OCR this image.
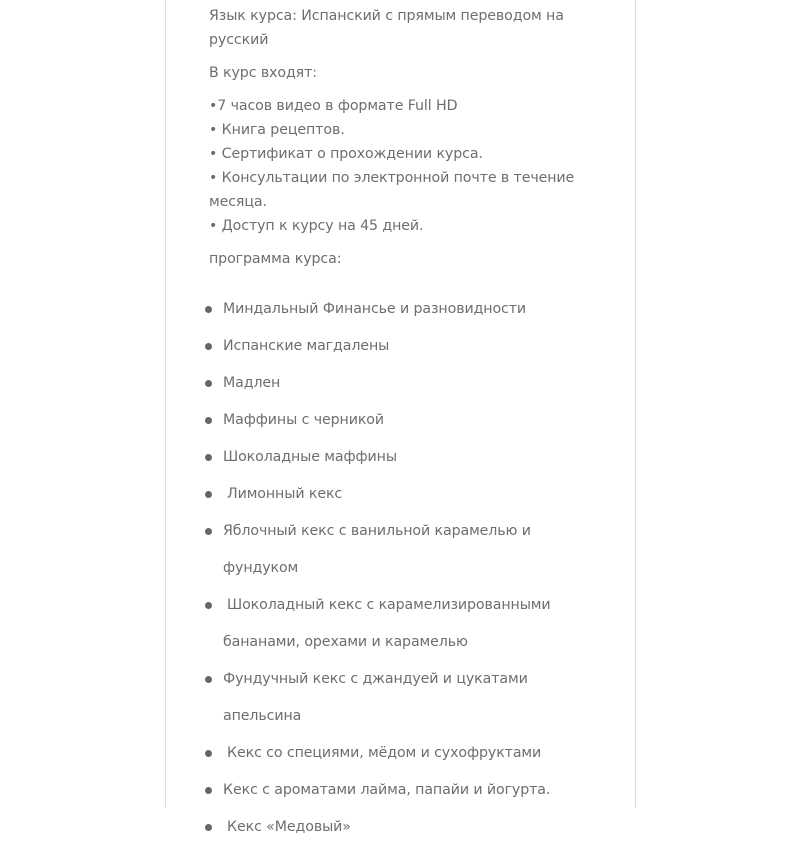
Язык курса: Испанский с прямым переводом на русский

В курс входят:

•7 часов видео в формате Full HD

• Книга рецептов.

• Сертификат о прохождении курса.

• Консультации по электронной почте в течение месяца.

• Доступ к курсу на 45 дней.

программа курса:

Миндальный Финансье и разновидности
Испанские магдалены
Мадлен
Маффины с черникой
Шоколадные маффины
Лимонный кекс
Яблочный кекс с ванильной карамелью и фундуком
Шоколадный кекс с карамелизированными бананами, орехами и карамелью
Фундучный кекс с джандуей и цукатами апельсина
Кекс со специями, мёдом и сухофруктами
Кекс с ароматами лайма, папайи и йогурта.
Кекс «Медовый»
